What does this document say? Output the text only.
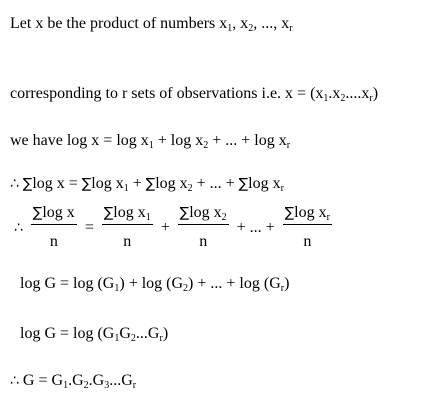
Let x be the product of numbers $x_1$, $x_2$, ..., $x_r$
corresponding to r sets of observations i.e. $x = (x_1.x_2....x_r)$
we have $\log x = \log x_1 + \log x_2$ + ... + $\log x_r$
∴ ∑log x = ∑log $x_1 + \sum\log$ $x_2$ + ... + ∑log $x_r$
∴ $\frac{\text{∑log x}}{n} = \frac{\sum\log x_1}{n} + \frac{\sum\log x_2}{n}$ + ... + $\frac{\sum\log x_r}{n}$
$\log G = \log (G_1) + \log (G_2)$ + ... + $\log (G_r)$
$\log G = \log (G_1G_2...G_r)$
∴ $G = G_1.G_2.G_3...G_r$
